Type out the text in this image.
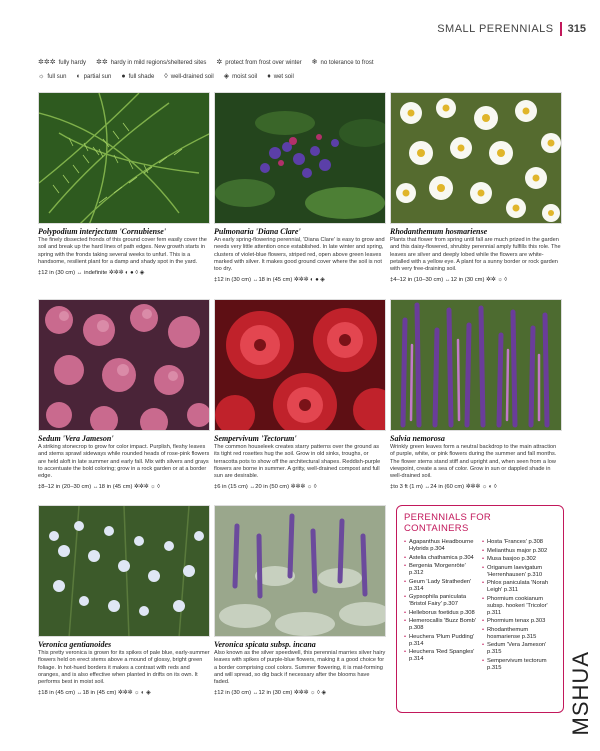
SMALL PERENNIALS	315
✲✲✲ fully hardy ✲✲ hardy in mild regions/sheltered sites ✲ protect from frost over winter ❄ no tolerance to frost
☼ full sun ◐ partial sun ● full shade ◊ well-drained soil ◈ moist soil ♦ wet soil
Polypodium interjectum 'Cornubiense'
The finely dissected fronds of this ground cover fern easily cover the soil and break up the hard lines of path edges. New growth starts in spring with the fronds taking several weeks to unfurl. This is a handsome, resilient plant for a damp and shady spot in the yard.
‡12 in (30 cm) ↔ indefinite ✲✲✲ ◐ ● ◊ ◈
Pulmonaria 'Diana Clare'
An early spring-flowering perennial, 'Diana Clare' is easy to grow and needs very little attention once established. In late winter and spring, clusters of violet-blue flowers, striped red, open above green leaves marked with silver. It makes good ground cover where the soil is not too dry.
‡12 in (30 cm) ↔18 in (45 cm) ✲✲✲ ◐ ● ◈
Rhodanthemum hosmariense
Plants that flower from spring until fall are much prized in the garden and this daisy-flowered, shrubby perennial amply fulfills this role. The leaves are silver and deeply lobed while the flowers are white-petalled with a yellow eye. A plant for a sunny border or rock garden with very free-draining soil.
‡4–12 in (10–30 cm) ↔12 in (30 cm) ✲✲ ☼ ◊
Sedum 'Vera Jameson'
A striking stonecrop to grow for color impact. Purplish, fleshy leaves and stems sprawl sideways while rounded heads of rose-pink flowers are held aloft in late summer and early fall. Mix with silvers and grays to accentuate the bold coloring; grow in a rock garden or at a border edge.
‡8–12 in (20–30 cm) ↔18 in (45 cm) ✲✲✲ ☼ ◊
Sempervivum 'Tectorum'
The common houseleek creates starry patterns over the ground as its tight red rosettes hug the soil. Grow in old sinks, troughs, or terracotta pots to show off the architectural shapes. Reddish-purple flowers are borne in summer. A gritty, well-drained compost and full sun are desirable.
‡6 in (15 cm) ↔20 in (50 cm) ✲✲✲ ☼ ◊
Salvia nemorosa
Wrinkly green leaves form a neutral backdrop to the main attraction of purple, white, or pink flowers during the summer and fall months. The flower stems stand stiff and upright and, when seen from a low viewpoint, create a sea of color. Grow in sun or dappled shade in well-drained soil.
‡to 3 ft (1 m) ↔24 in (60 cm) ✲✲✲ ☼ ◐ ◊
Veronica gentianoides
This pretty veronica is grown for its spikes of pale blue, early-summer flowers held on erect stems above a mound of glossy, bright green foliage. In hot-hued borders it makes a contrast with reds and oranges, and is also effective when planted in drifts on its own. It performs best in moist soil.
‡18 in (45 cm) ↔18 in (45 cm) ✲✲✲ ☼ ◐ ◈
Veronica spicata subsp. incana
Also known as the silver speedwell, this perennial marries silver hairy leaves with spikes of purple-blue flowers, making it a good choice for a border comprising cool colors. Summer flowering, it is mat-forming and will spread, so dig back if necessary after the blooms have faded.
‡12 in (30 cm) ↔12 in (30 cm) ✲✲✲ ☼ ◊ ◈
PERENNIALS FOR CONTAINERS
• Agapanthus Headbourne Hybrids p.304
• Astelia chathamica p.304
• Bergenia 'Morgenröte' p.312
• Geum 'Lady Stratheden' p.314
• Gypsophila paniculata 'Bristol Fairy' p.307
• Helleborus foetidus p.308
• Hemerocallis 'Buzz Bomb' p.308
• Heuchera 'Plum Pudding' p.314
• Heuchera 'Red Spangles' p.314
• Hosta 'Frances' p.308
• Melianthus major p.302
• Musa basjoo p.302
• Origanum laevigatum 'Herrenhausen' p.310
• Phlox paniculata 'Norah Leigh' p.311
• Phormium cookianum subsp. hookeri 'Tricolor' p.311
• Phormium tenax p.303
• Rhodanthemum hosmariense p.315
• Sedum 'Vera Jameson' p.315
• Sempervivum tectorum p.315	MSHUA
